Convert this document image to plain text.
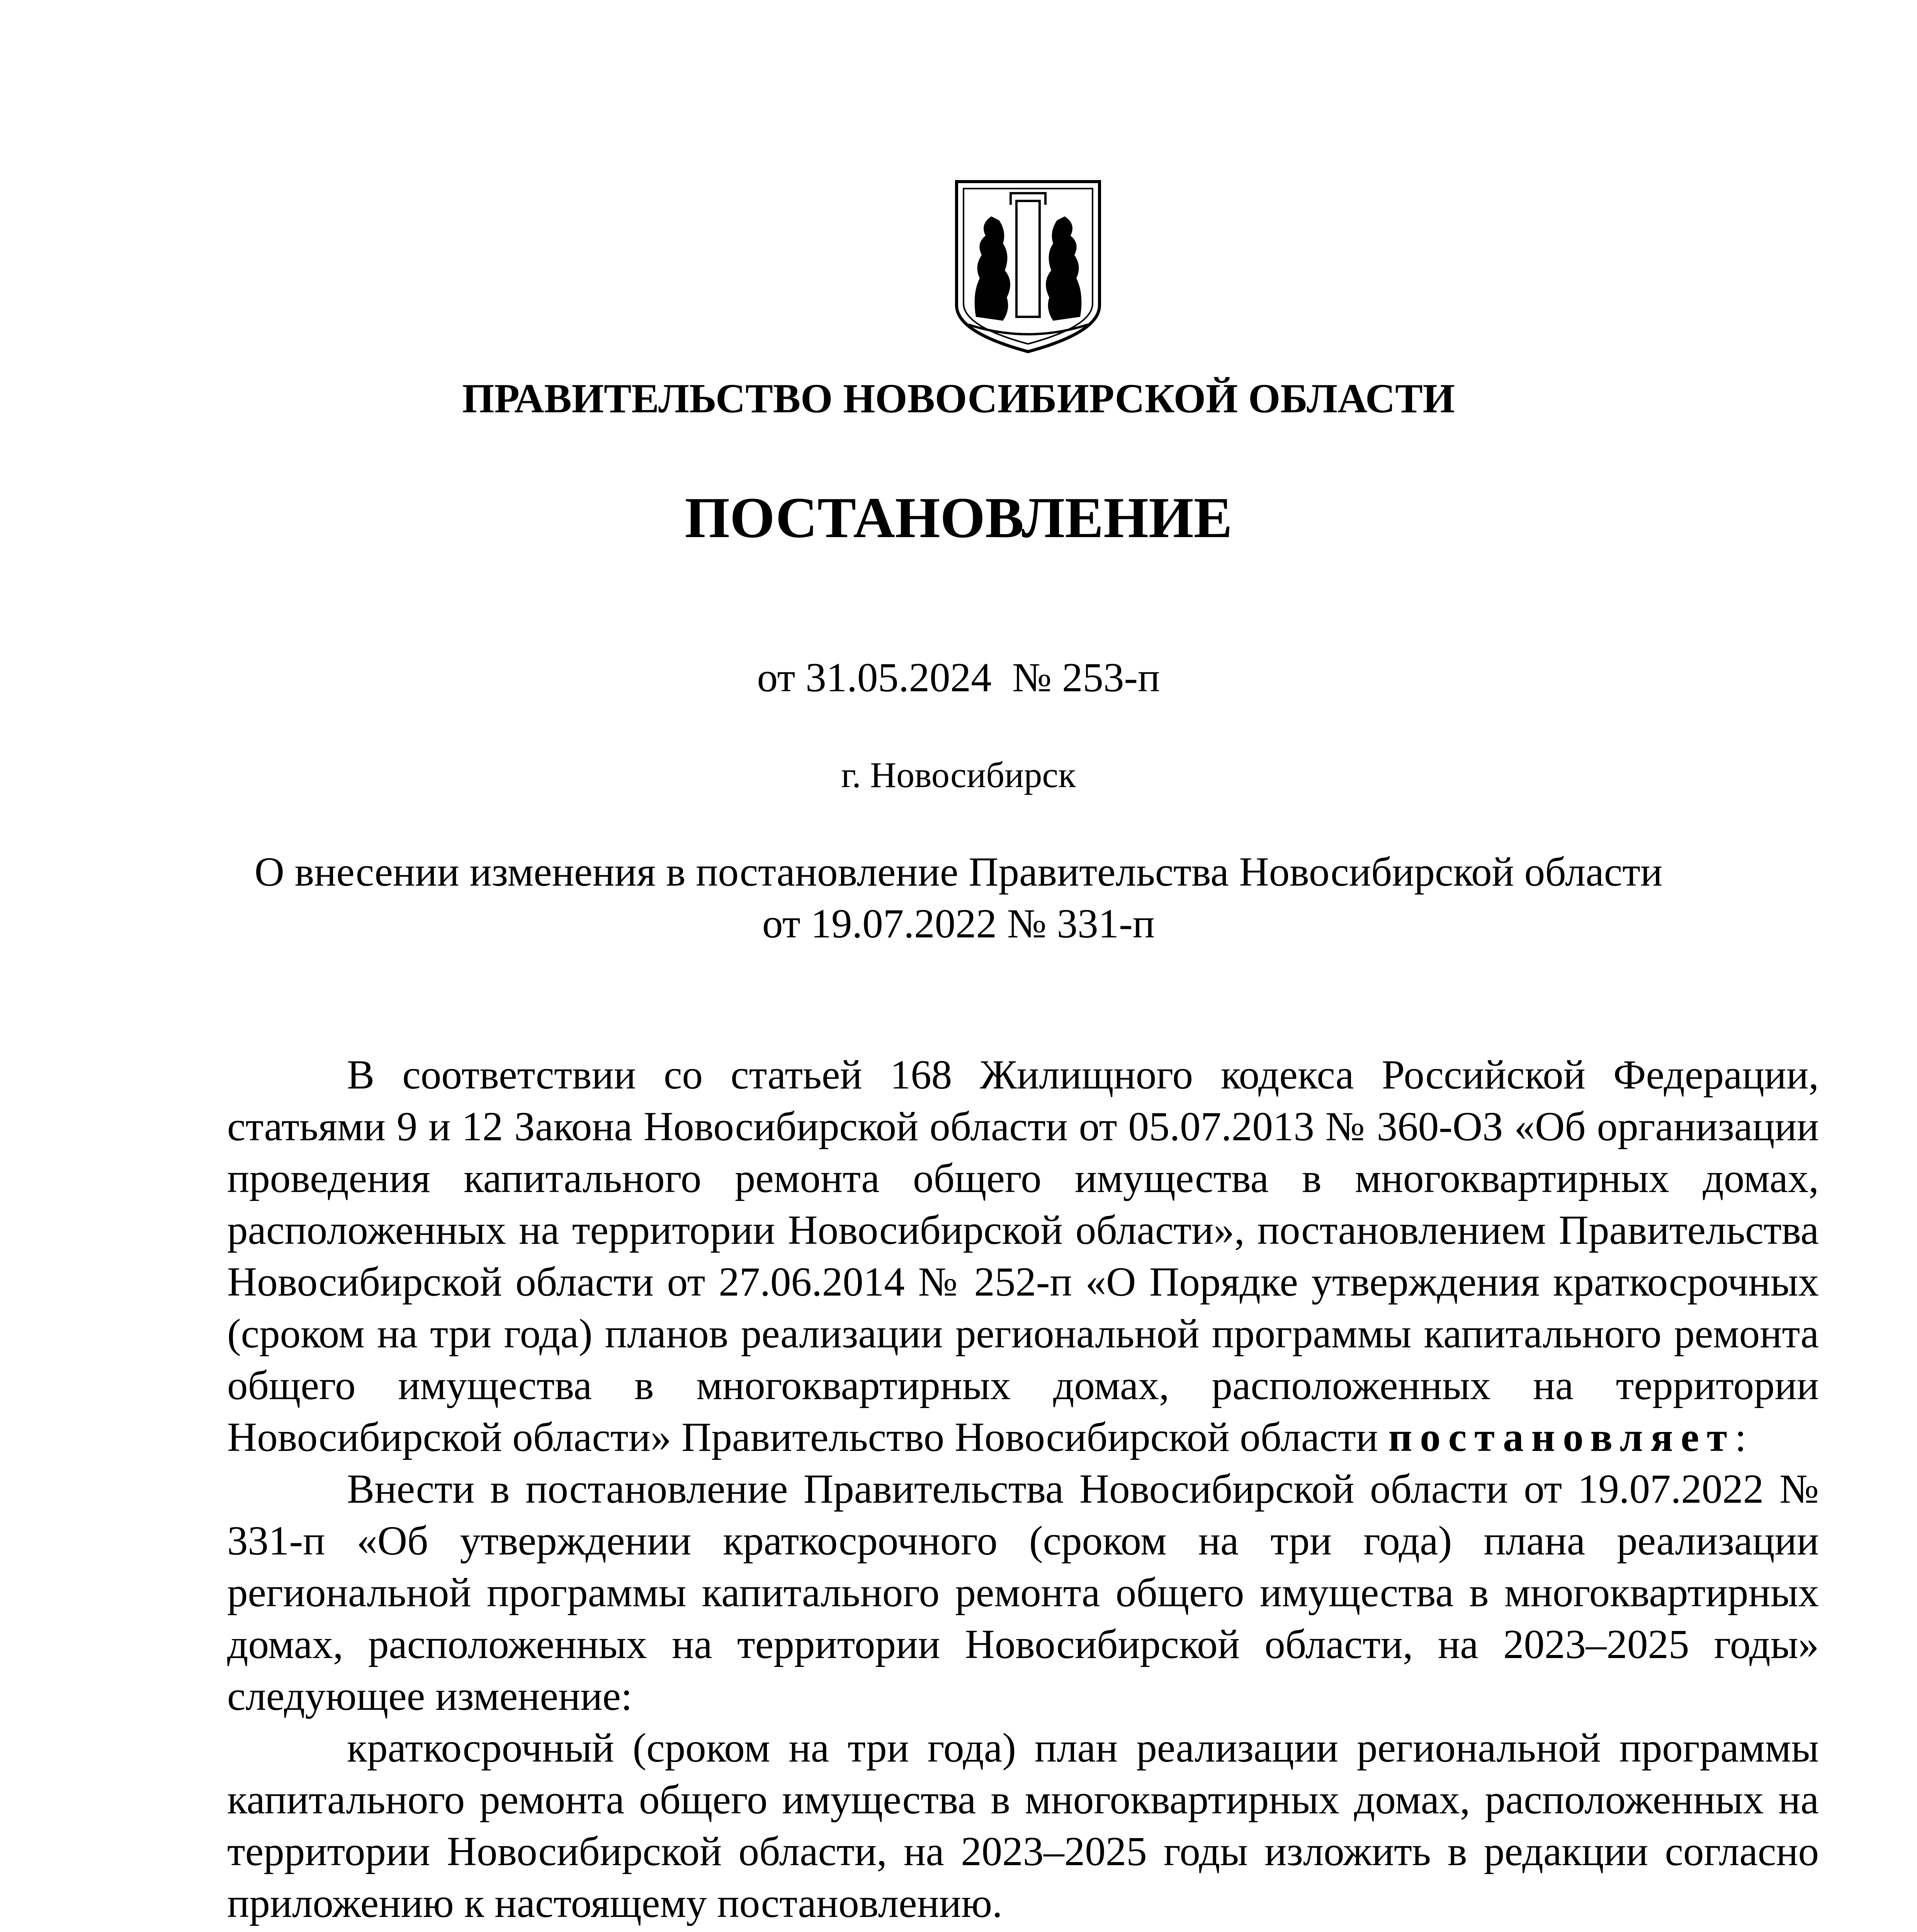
ПРАВИТЕЛЬСТВО НОВОСИБИРСКОЙ ОБЛАСТИ
ПОСТАНОВЛЕНИЕ
от 31.05.2024  № 253-п
г. Новосибирск
О внесении изменения в постановление Правительства Новосибирской области
от 19.07.2022 № 331-п

В соответствии со статьей 168 Жилищного кодекса Российской Федерации, статьями 9 и 12 Закона Новосибирской области от 05.07.2013 № 360-ОЗ «Об организации проведения капитального ремонта общего имущества в многоквартирных домах, расположенных на территории Новосибирской области», постановлением Правительства Новосибирской области от 27.06.2014 № 252-п «О Порядке утверждения краткосрочных (сроком на три года) планов реализации региональной программы капитального ремонта общего имущества в многоквартирных домах, расположенных на территории Новосибирской области» Правительство Новосибирской области постановляет:

Внести в постановление Правительства Новосибирской области от 19.07.2022 № 331-п «Об утверждении краткосрочного (сроком на три года) плана реализации региональной программы капитального ремонта общего имущества в многоквартирных домах, расположенных на территории Новосибирской области, на 2023–2025 годы» следующее изменение:

краткосрочный (сроком на три года) план реализации региональной программы капитального ремонта общего имущества в многоквартирных домах, расположенных на территории Новосибирской области, на 2023–2025 годы изложить в редакции согласно приложению к настоящему постановлению.
